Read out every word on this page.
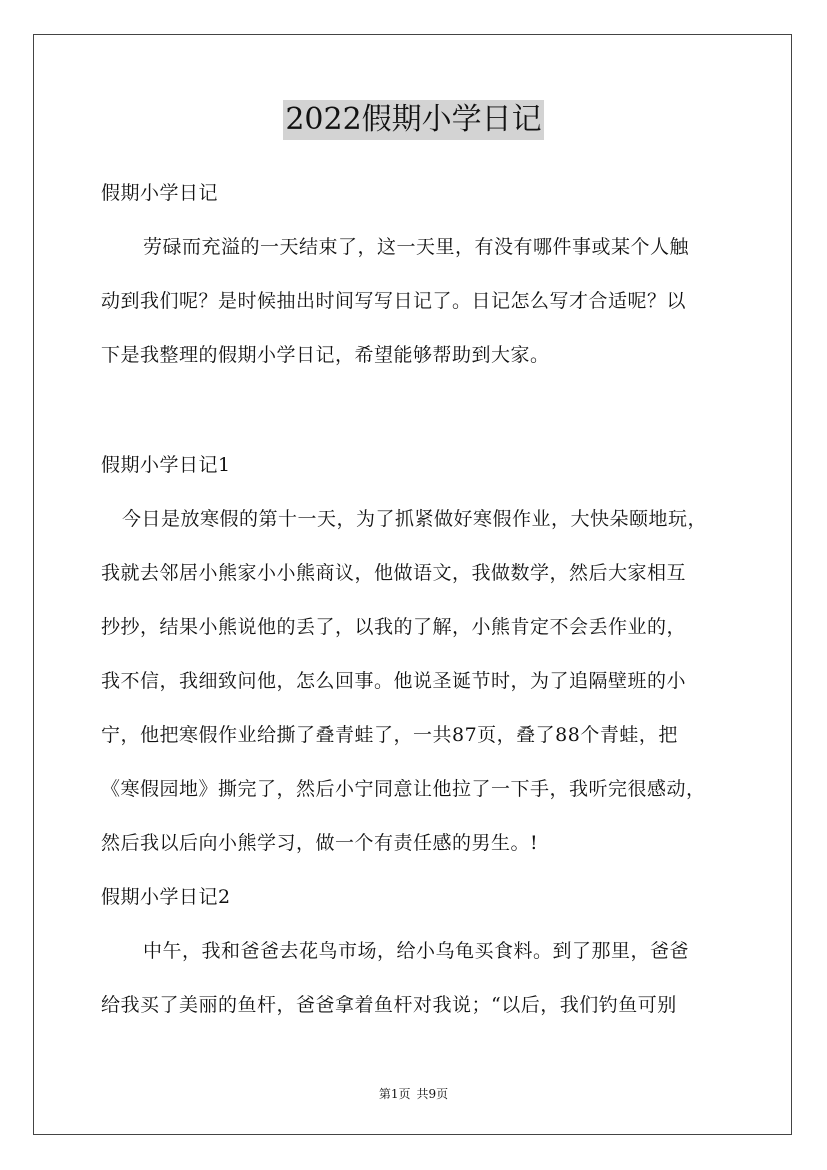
2022假期小学日记
假期小学日记
劳碌而充溢的一天结束了，这一天里，有没有哪件事或某个人触
动到我们呢？是时候抽出时间写写日记了。日记怎么写才合适呢？以
下是我整理的假期小学日记，希望能够帮助到大家。
假期小学日记1
今日是放寒假的第十一天，为了抓紧做好寒假作业，大快朵颐地玩，
我就去邻居小熊家小小熊商议，他做语文，我做数学，然后大家相互
抄抄，结果小熊说他的丢了，以我的了解，小熊肯定不会丢作业的，
我不信，我细致问他，怎么回事。他说圣诞节时，为了追隔壁班的小
宁，他把寒假作业给撕了叠青蛙了，一共87页，叠了88个青蛙，把
《寒假园地》撕完了，然后小宁同意让他拉了一下手，我听完很感动，
然后我以后向小熊学习，做一个有责任感的男生。!
假期小学日记2
中午，我和爸爸去花鸟市场，给小乌龟买食料。到了那里，爸爸
给我买了美丽的鱼杆，爸爸拿着鱼杆对我说；“以后，我们钓鱼可别
第1页 共9页
